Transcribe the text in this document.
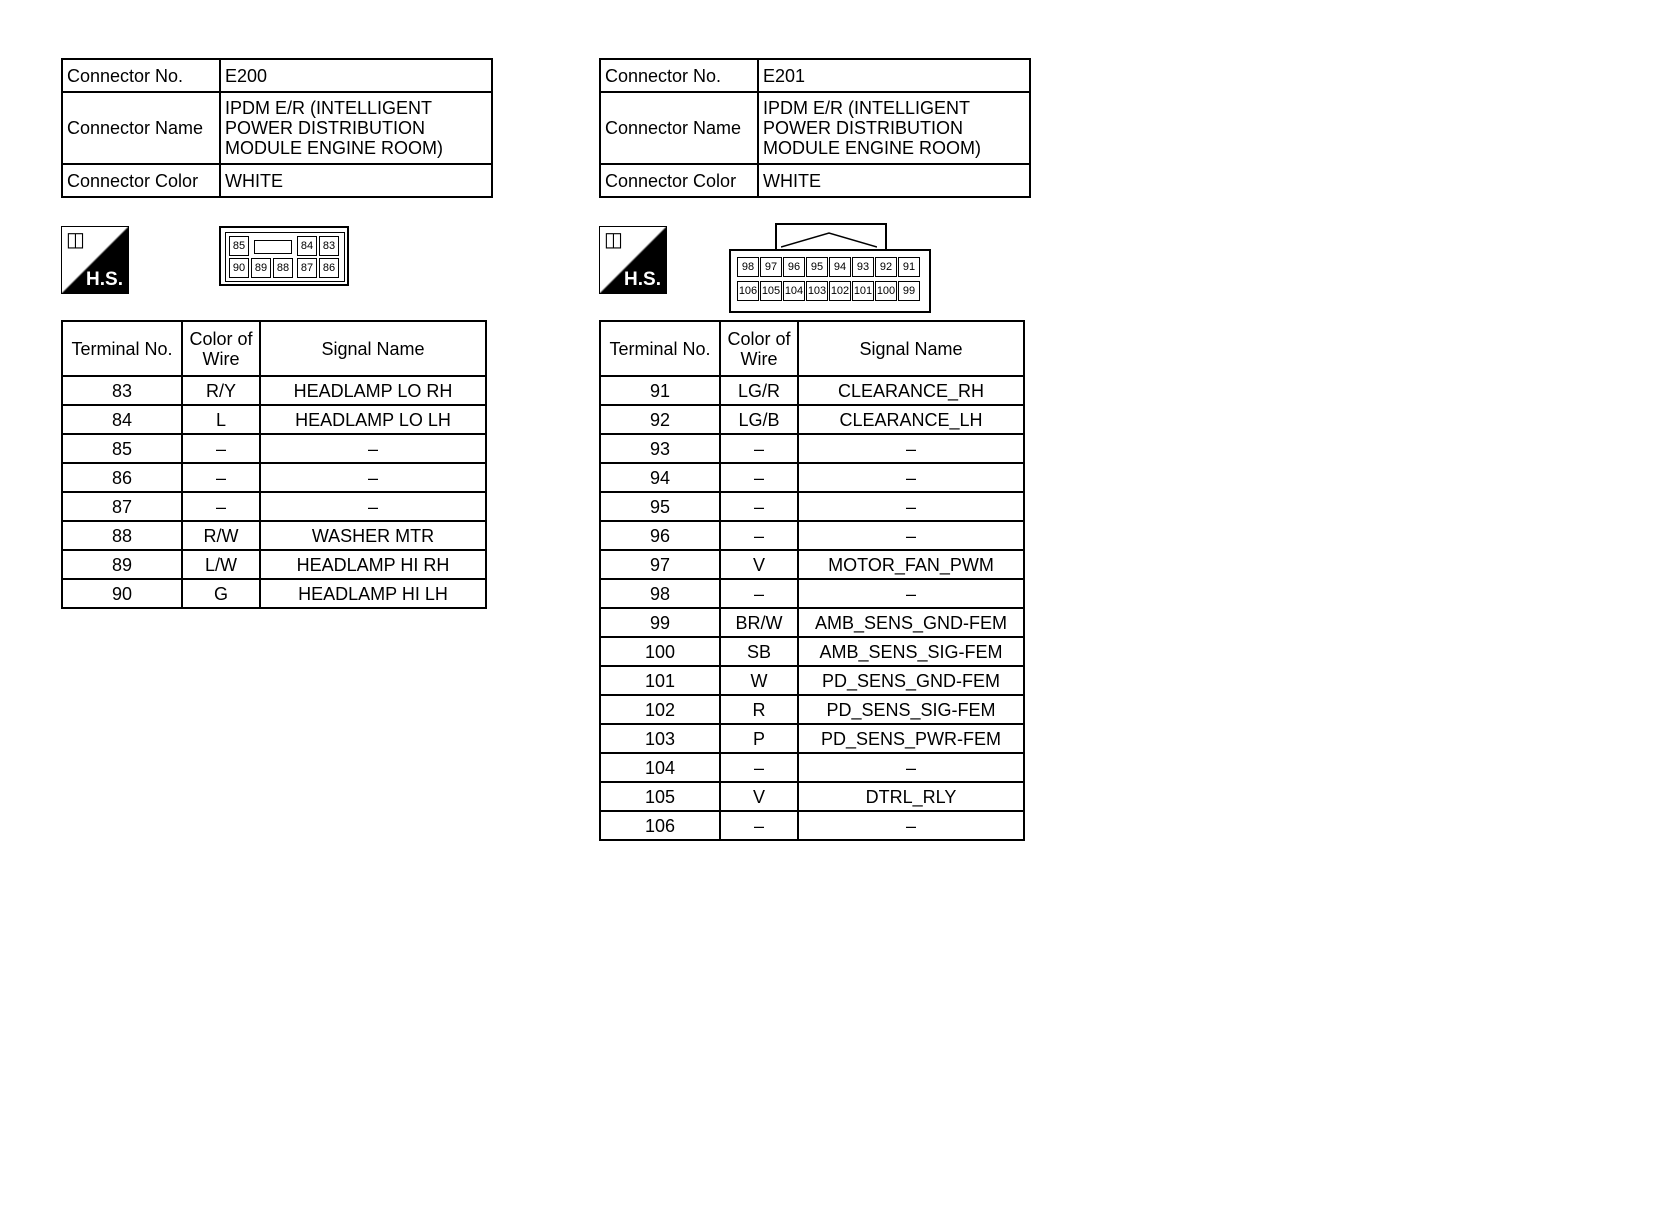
Connector No.	E200
Connector Name	IPDM E/R (INTELLIGENT POWER DISTRIBUTION MODULE ENGINE ROOM)
Connector Color	WHITE
◫
H.S.
85	84 83
90 89 88	87 86
Terminal No.	Color of Wire	Signal Name
83	R/Y	HEADLAMP LO RH
84	L	HEADLAMP LO LH
85	–	–
86	–	–
87	–	–
88	R/W	WASHER MTR
89	L/W	HEADLAMP HI RH
90	G	HEADLAMP HI LH
Connector No.	E201
Connector Name	IPDM E/R (INTELLIGENT POWER DISTRIBUTION MODULE ENGINE ROOM)
Connector Color	WHITE
◫
H.S.
98 97 96 95 94 93 92 91
106 105 104 103 102 101 100 99
Terminal No.	Color of Wire	Signal Name
91	LG/R	CLEARANCE_RH
92	LG/B	CLEARANCE_LH
93	–	–
94	–	–
95	–	–
96	–	–
97	V	MOTOR_FAN_PWM
98	–	–
99	BR/W	AMB_SENS_GND-FEM
100	SB	AMB_SENS_SIG-FEM
101	W	PD_SENS_GND-FEM
102	R	PD_SENS_SIG-FEM
103	P	PD_SENS_PWR-FEM
104	–	–
105	V	DTRL_RLY
106	–	–
